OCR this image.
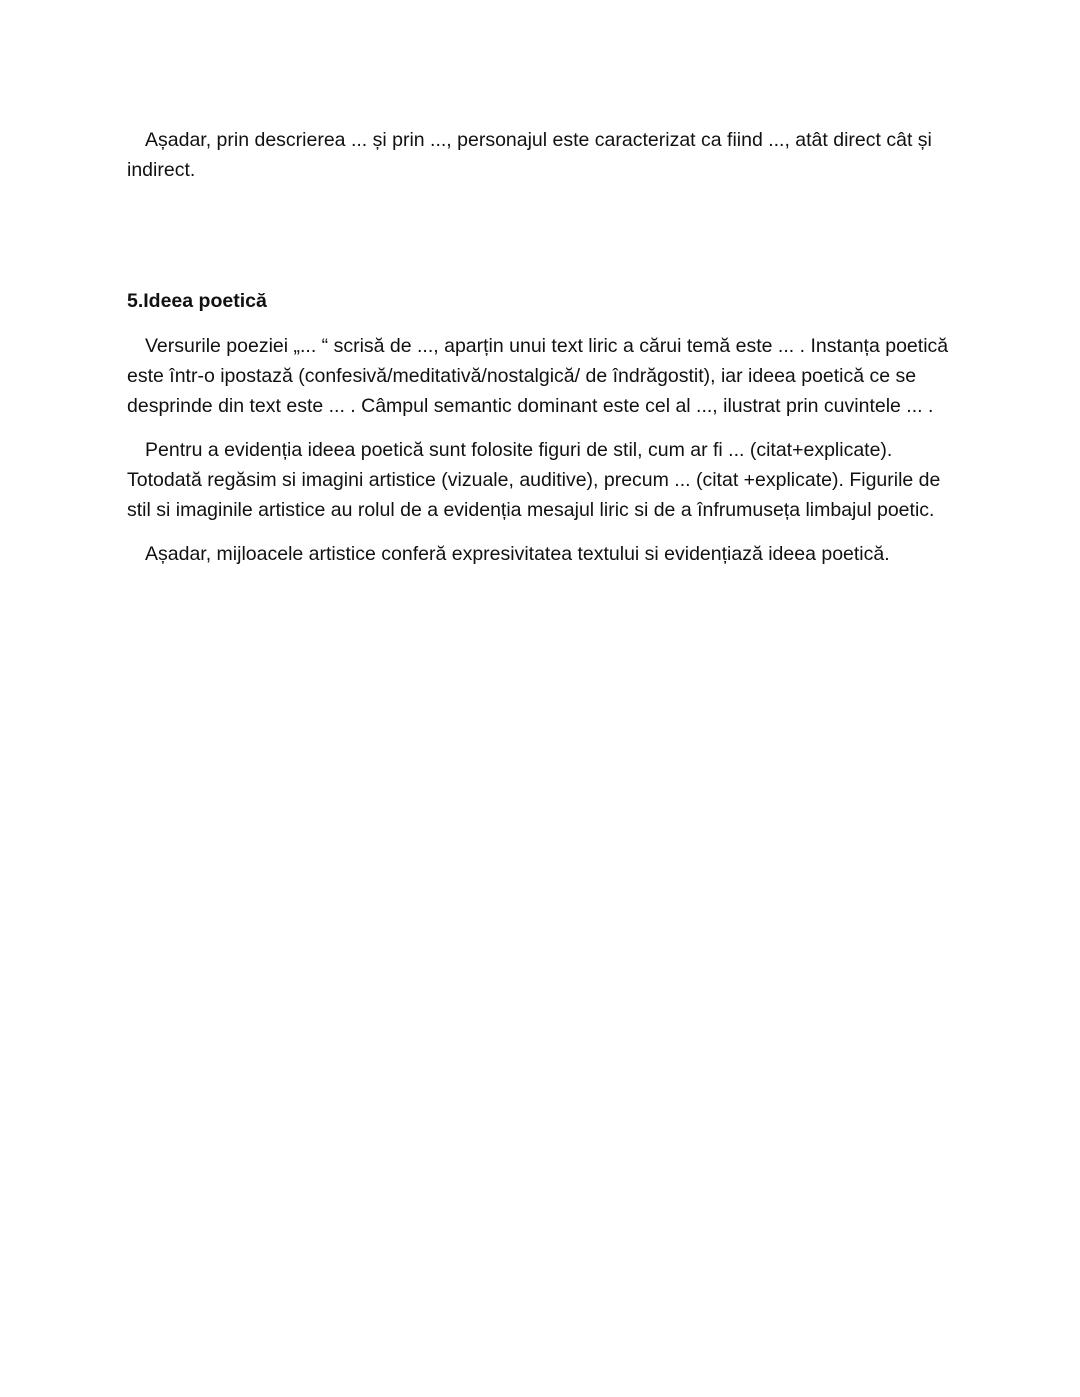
Așadar, prin descrierea ... și prin ..., personajul este caracterizat ca fiind ..., atât direct cât și indirect.

5.Ideea poetică

Versurile poeziei „... “ scrisă de ..., aparțin unui text liric a cărui temă este ... . Instanța poetică este într-o ipostază (confesivă/meditativă/nostalgică/ de îndrăgostit), iar ideea poetică ce se desprinde din text este ... . Câmpul semantic dominant este cel al ..., ilustrat prin cuvintele ... .

Pentru a evidenția ideea poetică sunt folosite figuri de stil, cum ar fi ... (citat+explicate). Totodată regăsim si imagini artistice (vizuale, auditive), precum ... (citat +explicate). Figurile de stil si imaginile artistice au rolul de a evidenția mesajul liric si de a înfrumuseța limbajul poetic.

Așadar, mijloacele artistice conferă expresivitatea textului si evidențiază ideea poetică.
